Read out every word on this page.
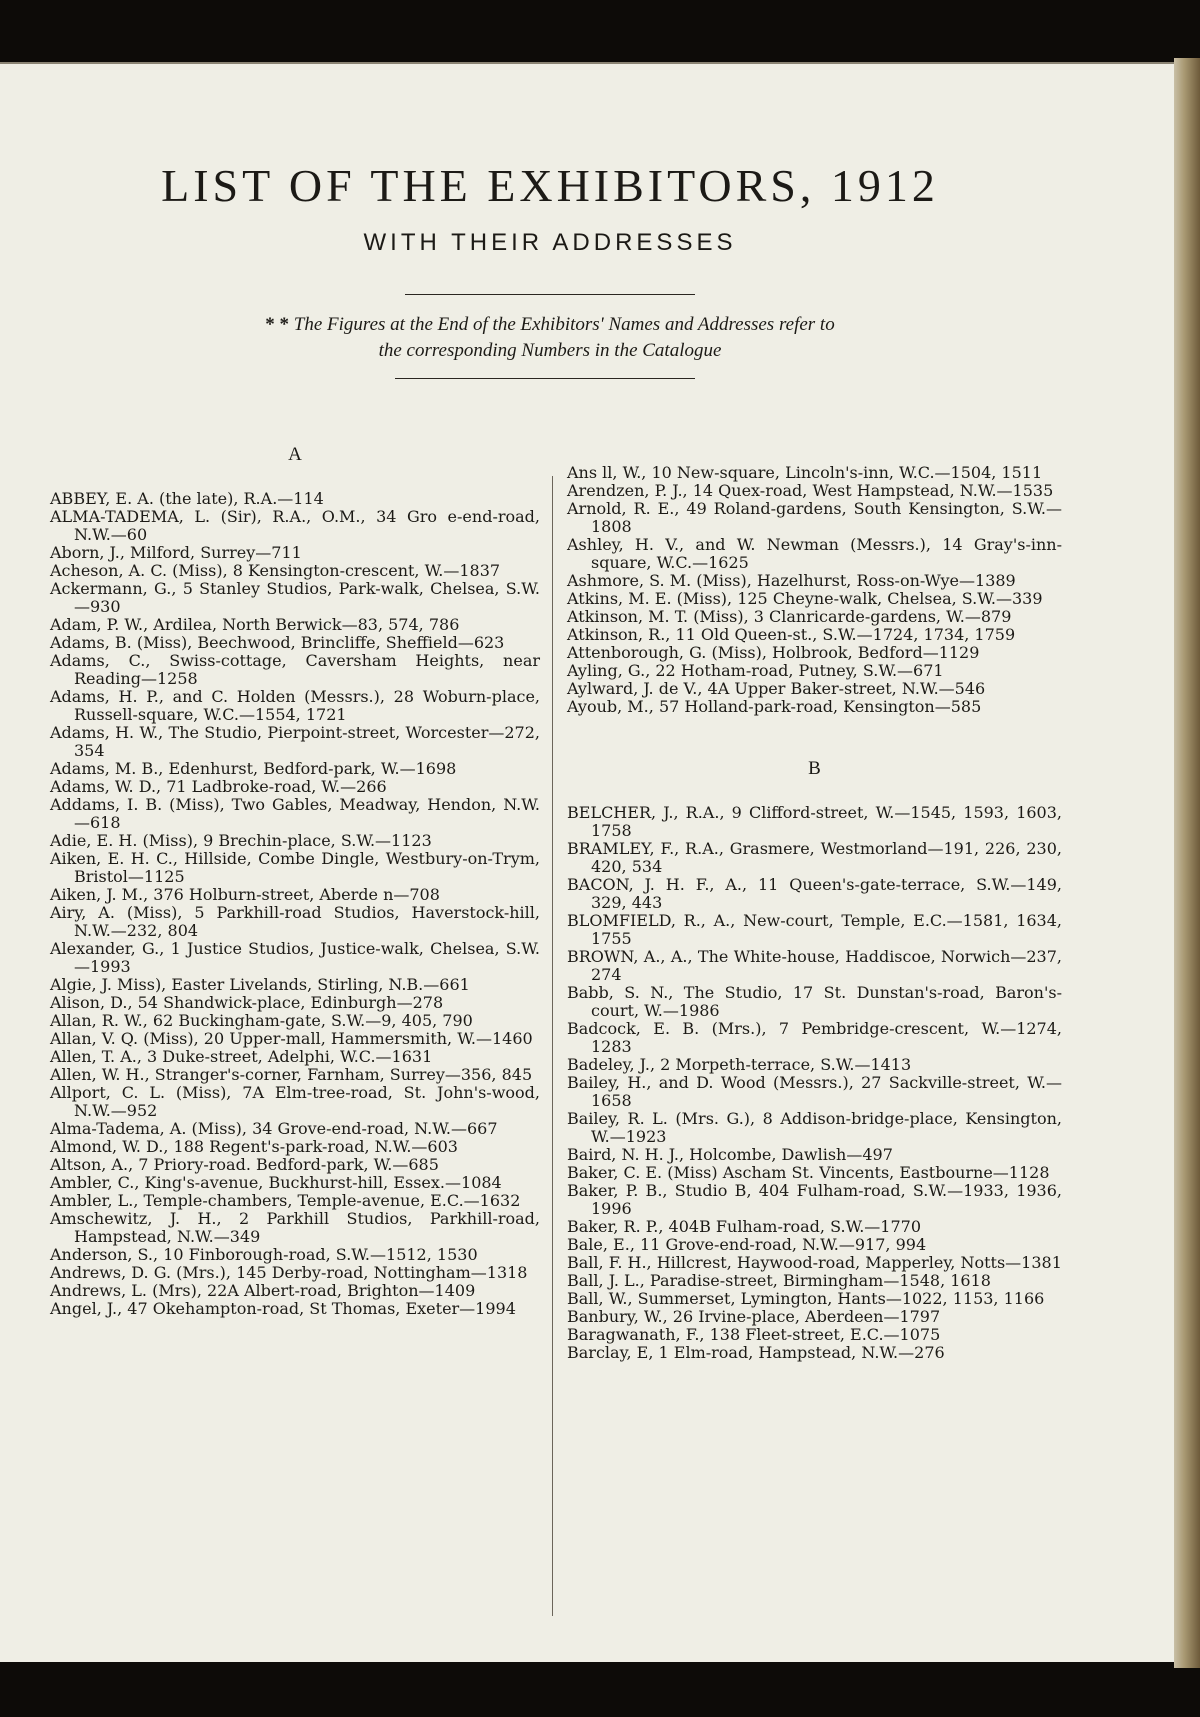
LIST OF THE EXHIBITORS, 1912
WITH THEIR ADDRESSES
* * The Figures at the End of the Exhibitors' Names and Addresses refer to
the corresponding Numbers in the Catalogue
A

ABBEY, E. A. (the late), R.A.—114

ALMA-TADEMA, L. (Sir), R.A., O.M., 34 Gro e-end-road, N.W.—60

Aborn, J., Milford, Surrey—711

Acheson, A. C. (Miss), 8 Kensington-crescent, W.—1837

Ackermann, G., 5 Stanley Studios, Park-walk, Chelsea, S.W.—930

Adam, P. W., Ardilea, North Berwick—83, 574, 786

Adams, B. (Miss), Beechwood, Brincliffe, Sheffield—623

Adams, C., Swiss-cottage, Caversham Heights, near Reading—1258

Adams, H. P., and C. Holden (Messrs.), 28 Woburn-place, Russell-square, W.C.—1554, 1721

Adams, H. W., The Studio, Pierpoint-street, Worcester—272, 354

Adams, M. B., Edenhurst, Bedford-park, W.—1698

Adams, W. D., 71 Ladbroke-road, W.—266

Addams, I. B. (Miss), Two Gables, Meadway, Hendon, N.W.—618

Adie, E. H. (Miss), 9 Brechin-place, S.W.—1123

Aiken, E. H. C., Hillside, Combe Dingle, Westbury-on-Trym, Bristol—1125

Aiken, J. M., 376 Holburn-street, Aberde n—708

Airy, A. (Miss), 5 Parkhill-road Studios, Haverstock-hill, N.W.—232, 804

Alexander, G., 1 Justice Studios, Justice-walk, Chelsea, S.W.—1993

Algie, J. Miss), Easter Livelands, Stirling, N.B.—661

Alison, D., 54 Shandwick-place, Edinburgh—278

Allan, R. W., 62 Buckingham-gate, S.W.—9, 405, 790

Allan, V. Q. (Miss), 20 Upper-mall, Hammersmith, W.—1460

Allen, T. A., 3 Duke-street, Adelphi, W.C.—1631

Allen, W. H., Stranger's-corner, Farnham, Surrey—356, 845

Allport, C. L. (Miss), 7A Elm-tree-road, St. John's-wood, N.W.—952

Alma-Tadema, A. (Miss), 34 Grove-end-road, N.W.—667

Almond, W. D., 188 Regent's-park-road, N.W.—603

Altson, A., 7 Priory-road. Bedford-park, W.—685

Ambler, C., King's-avenue, Buckhurst-hill, Essex.—1084

Ambler, L., Temple-chambers, Temple-avenue, E.C.—1632

Amschewitz, J. H., 2 Parkhill Studios, Parkhill-road, Hampstead, N.W.—349

Anderson, S., 10 Finborough-road, S.W.—1512, 1530

Andrews, D. G. (Mrs.), 145 Derby-road, Nottingham—1318

Andrews, L. (Mrs), 22A Albert-road, Brighton—1409

Angel, J., 47 Okehampton-road, St Thomas, Exeter—1994

Ans ll, W., 10 New-square, Lincoln's-inn, W.C.—1504, 1511

Arendzen, P. J., 14 Quex-road, West Hampstead, N.W.—1535

Arnold, R. E., 49 Roland-gardens, South Kensington, S.W.—1808

Ashley, H. V., and W. Newman (Messrs.), 14 Gray's-inn-square, W.C.—1625

Ashmore, S. M. (Miss), Hazelhurst, Ross-on-Wye—1389

Atkins, M. E. (Miss), 125 Cheyne-walk, Chelsea, S.W.—339

Atkinson, M. T. (Miss), 3 Clanricarde-gardens, W.—879

Atkinson, R., 11 Old Queen-st., S.W.—1724, 1734, 1759

Attenborough, G. (Miss), Holbrook, Bedford—1129

Ayling, G., 22 Hotham-road, Putney, S.W.—671

Aylward, J. de V., 4A Upper Baker-street, N.W.—546

Ayoub, M., 57 Holland-park-road, Kensington—585

B

BELCHER, J., R.A., 9 Clifford-street, W.—1545, 1593, 1603, 1758

BRAMLEY, F., R.A., Grasmere, Westmorland—191, 226, 230, 420, 534

BACON, J. H. F., A., 11 Queen's-gate-terrace, S.W.—149, 329, 443

BLOMFIELD, R., A., New-court, Temple, E.C.—1581, 1634, 1755

BROWN, A., A., The White-house, Haddiscoe, Norwich—237, 274

Babb, S. N., The Studio, 17 St. Dunstan's-road, Baron's-court, W.—1986

Badcock, E. B. (Mrs.), 7 Pembridge-crescent, W.—1274, 1283

Badeley, J., 2 Morpeth-terrace, S.W.—1413

Bailey, H., and D. Wood (Messrs.), 27 Sackville-street, W.—1658

Bailey, R. L. (Mrs. G.), 8 Addison-bridge-place, Kensington, W.—1923

Baird, N. H. J., Holcombe, Dawlish—497

Baker, C. E. (Miss) Ascham St. Vincents, Eastbourne—1128

Baker, P. B., Studio B, 404 Fulham-road, S.W.—1933, 1936, 1996

Baker, R. P., 404B Fulham-road, S.W.—1770

Bale, E., 11 Grove-end-road, N.W.—917, 994

Ball, F. H., Hillcrest, Haywood-road, Mapperley, Notts—1381

Ball, J. L., Paradise-street, Birmingham—1548, 1618

Ball, W., Summerset, Lymington, Hants—1022, 1153, 1166

Banbury, W., 26 Irvine-place, Aberdeen—1797

Baragwanath, F., 138 Fleet-street, E.C.—1075

Barclay, E, 1 Elm-road, Hampstead, N.W.—276
